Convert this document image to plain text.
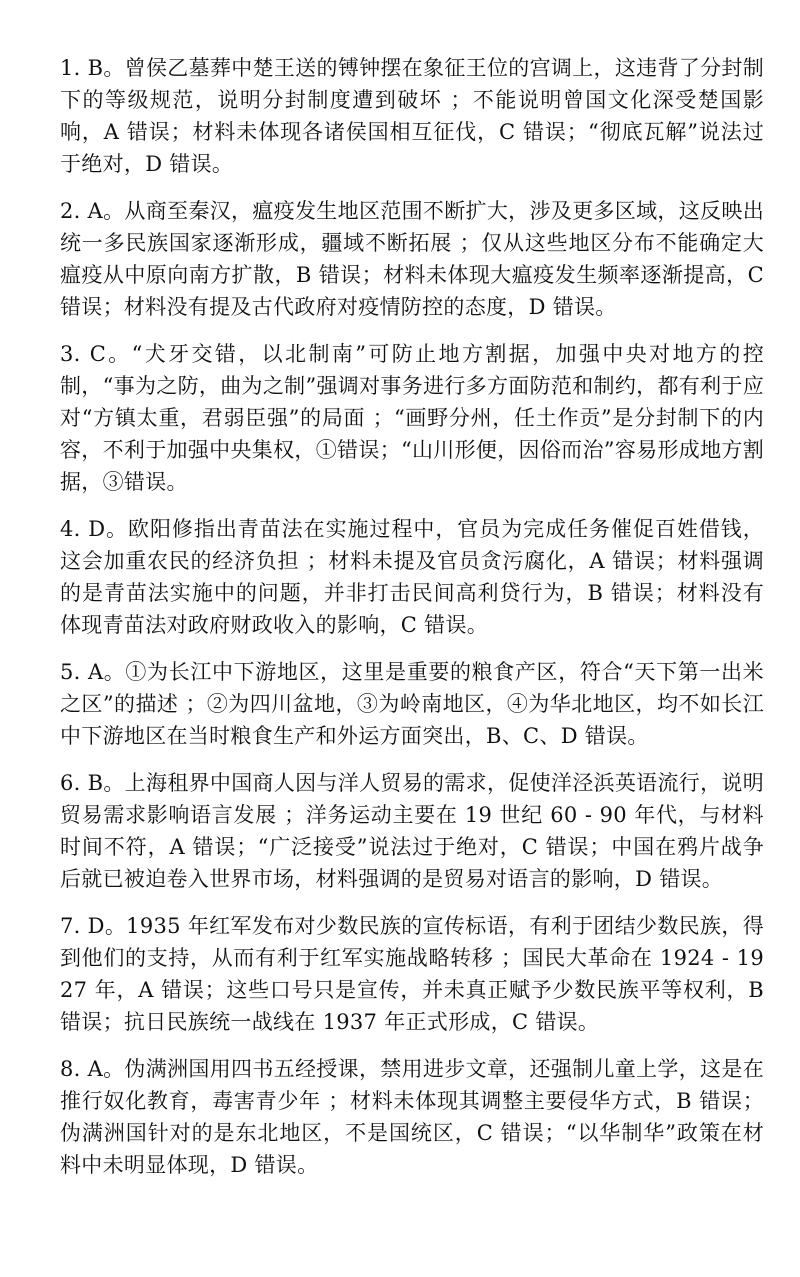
1. B。曾侯乙墓葬中楚王送的镈钟摆在象征王位的宫调上，这违背了分封制下的等级规范，说明分封制度遭到破坏 ；不能说明曾国文化深受楚国影响，A 错误；材料未体现各诸侯国相互征伐，C 错误；“彻底瓦解”说法过于绝对，D 错误。

2. A。从商至秦汉，瘟疫发生地区范围不断扩大，涉及更多区域，这反映出统一多民族国家逐渐形成，疆域不断拓展 ；仅从这些地区分布不能确定大瘟疫从中原向南方扩散，B 错误；材料未体现大瘟疫发生频率逐渐提高，C 错误；材料没有提及古代政府对疫情防控的态度，D 错误。

3. C。“犬牙交错，以北制南”可防止地方割据，加强中央对地方的控制，“事为之防，曲为之制”强调对事务进行多方面防范和制约，都有利于应对“方镇太重，君弱臣强”的局面 ；“画野分州，任土作贡”是分封制下的内容，不利于加强中央集权，①错误；“山川形便，因俗而治”容易形成地方割据，③错误。

4. D。欧阳修指出青苗法在实施过程中，官员为完成任务催促百姓借钱，这会加重农民的经济负担 ；材料未提及官员贪污腐化，A 错误；材料强调的是青苗法实施中的问题，并非打击民间高利贷行为，B 错误；材料没有体现青苗法对政府财政收入的影响，C 错误。

5. A。①为长江中下游地区，这里是重要的粮食产区，符合“天下第一出米之区”的描述 ；②为四川盆地，③为岭南地区，④为华北地区，均不如长江中下游地区在当时粮食生产和外运方面突出，B、C、D 错误。

6. B。上海租界中国商人因与洋人贸易的需求，促使洋泾浜英语流行，说明贸易需求影响语言发展 ；洋务运动主要在 19 世纪 60 - 90 年代，与材料时间不符，A 错误；“广泛接受”说法过于绝对，C 错误；中国在鸦片战争后就已被迫卷入世界市场，材料强调的是贸易对语言的影响，D 错误。

7. D。1935 年红军发布对少数民族的宣传标语，有利于团结少数民族，得到他们的支持，从而有利于红军实施战略转移 ；国民大革命在 1924 - 1927 年，A 错误；这些口号只是宣传，并未真正赋予少数民族平等权利，B 错误；抗日民族统一战线在 1937 年正式形成，C 错误。

8. A。伪满洲国用四书五经授课，禁用进步文章，还强制儿童上学，这是在推行奴化教育，毒害青少年 ；材料未体现其调整主要侵华方式，B 错误；伪满洲国针对的是东北地区，不是国统区，C 错误；“以华制华”政策在材料中未明显体现，D 错误。
